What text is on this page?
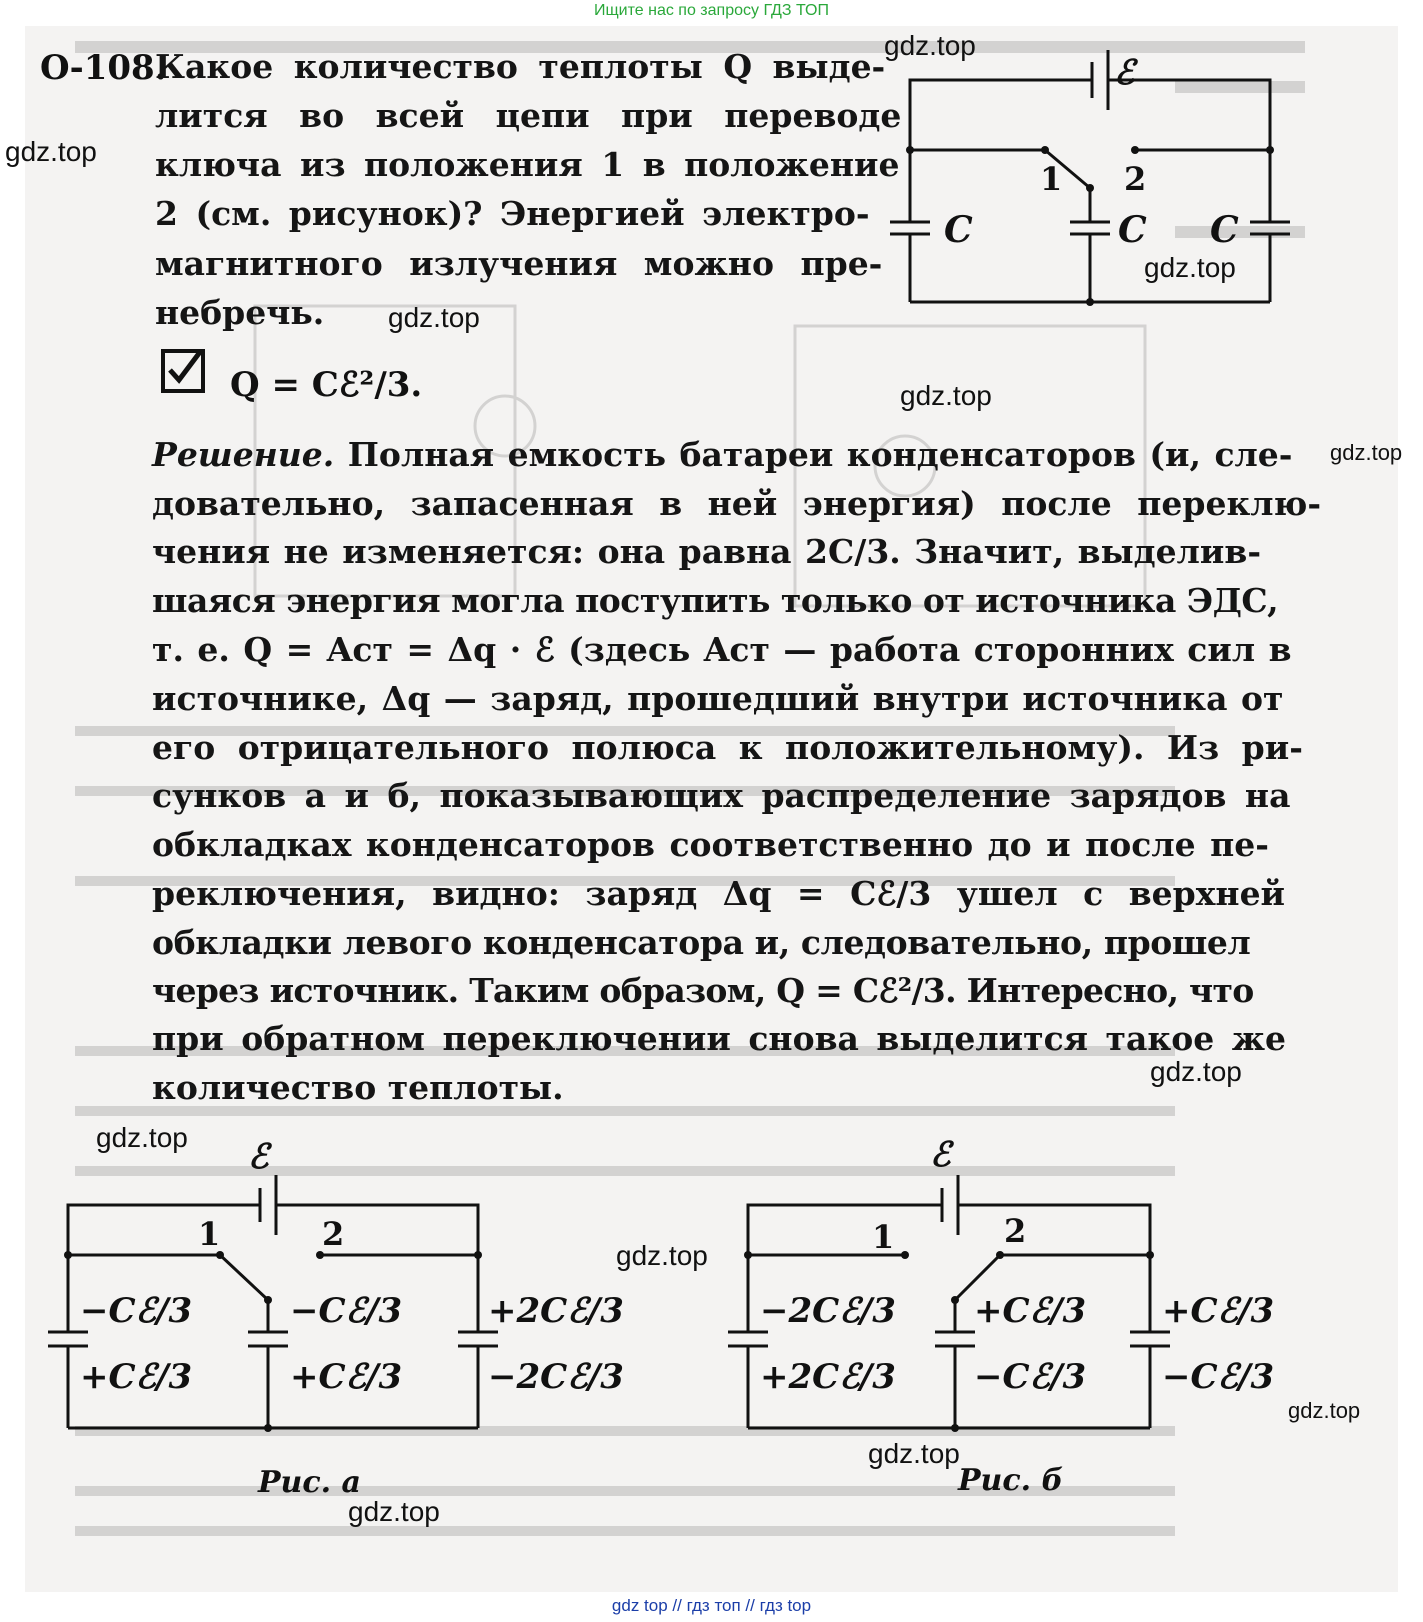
Ищите нас по запросу ГДЗ ТОП
О-108.
Какое количество теплоты Q выде-
лится во всей цепи при переводе
ключа из положения 1 в положение
2 (см. рисунок)? Энергией электро-
магнитного излучения можно пре-
небречь.
Q = Cℰ²/3.
ℰ
1 2
C	C C
Решение. Полная емкость батареи конденсаторов (и, сле-
довательно, запасенная в ней энергия) после переклю-
чения не изменяется: она равна 2C/3. Значит, выделив-
шаяся энергия могла поступить только от источника ЭДС,
т. е. Q = Aст = Δq · ℰ (здесь Aст — работа сторонних сил в
источнике, Δq — заряд, прошедший внутри источника от
его отрицательного полюса к положительному). Из ри-
сунков а и б, показывающих распределение зарядов на
обкладках конденсаторов соответственно до и после пе-
реключения, видно: заряд Δq = Cℰ/3 ушел с верхней
обкладки левого конденсатора и, следовательно, прошел
через источник. Таким образом, Q = Cℰ²/3. Интересно, что
при обратном переключении снова выделится такое же
количество теплоты.
ℰ
1	2
−Cℰ/3
+Cℰ/3
−Cℰ/3
+Cℰ/3
+2Cℰ/3
−2Cℰ/3
Рис. а
ℰ
1	2
−2Cℰ/3
+2Cℰ/3
+Cℰ/3
−Cℰ/3
+Cℰ/3
−Cℰ/3
Рис. б
gdz.top
gdz.top
gdz.top
gdz.top
gdz.top
gdz.top
gdz.top
gdz.top
gdz.top
gdz.top
gdz.top
gdz.top
gdz top // гдз топ // гдз top
